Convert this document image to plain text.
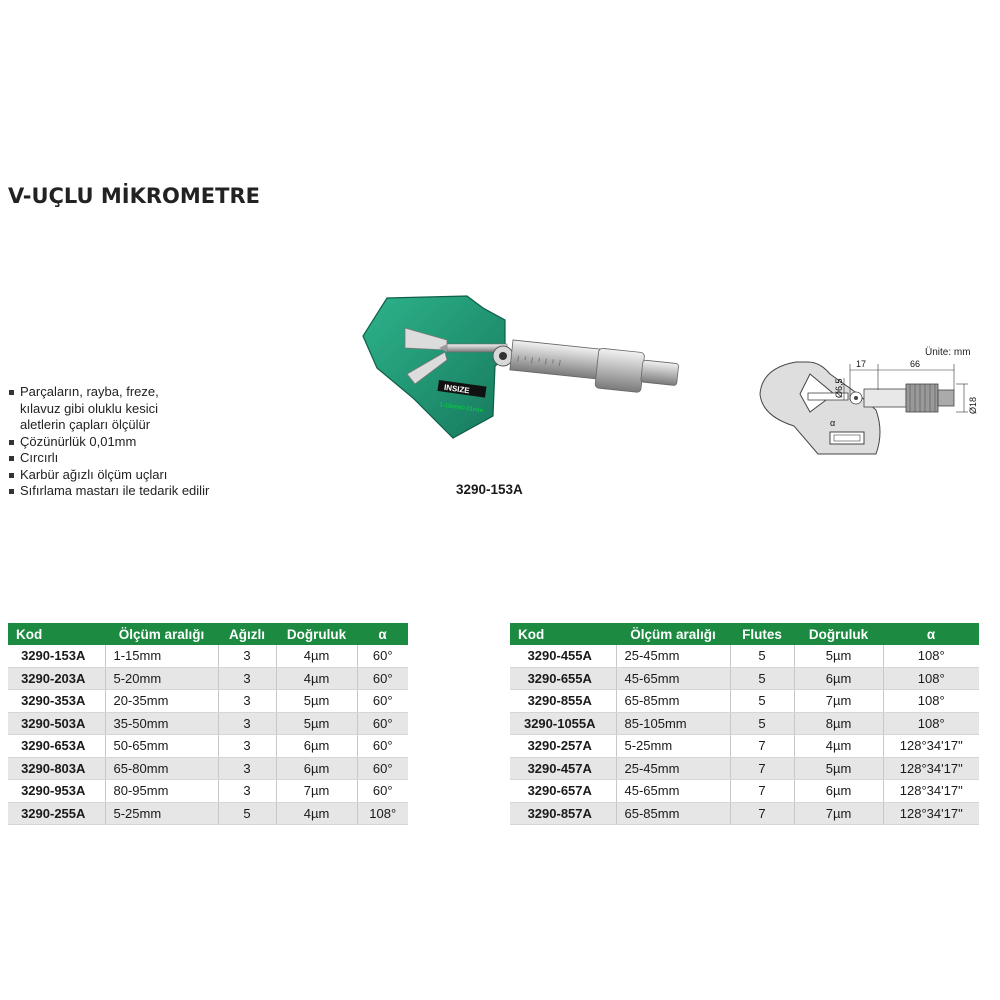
V-UÇLU MİKROMETRE
Parçaların, rayba, freze,
kılavuz gibi oluklu kesici
aletlerin çapları ölçülür
Çözünürlük 0,01mm
Cırcırlı
Karbür ağızlı ölçüm uçları
Sıfırlama mastarı ile tedarik edilir
INSIZE
1-15mm 0.01mm
3290-153A
Ünite: mm
Ø6,5
17	66
Ø18
α
Kod	Ölçüm aralığı	Ağızlı	Doğruluk	α
3290-153A	1-15mm	3	4µm	60°
3290-203A	5-20mm	3	4µm	60°
3290-353A	20-35mm	3	5µm	60°
3290-503A	35-50mm	3	5µm	60°
3290-653A	50-65mm	3	6µm	60°
3290-803A	65-80mm	3	6µm	60°
3290-953A	80-95mm	3	7µm	60°
3290-255A	5-25mm	5	4µm	108°
Kod	Ölçüm aralığı	Flutes	Doğruluk	α
3290-455A	25-45mm	5	5µm	108°
3290-655A	45-65mm	5	6µm	108°
3290-855A	65-85mm	5	7µm	108°
3290-1055A	85-105mm	5	8µm	108°
3290-257A	5-25mm	7	4µm	128°34'17"
3290-457A	25-45mm	7	5µm	128°34'17"
3290-657A	45-65mm	7	6µm	128°34'17"
3290-857A	65-85mm	7	7µm	128°34'17"
